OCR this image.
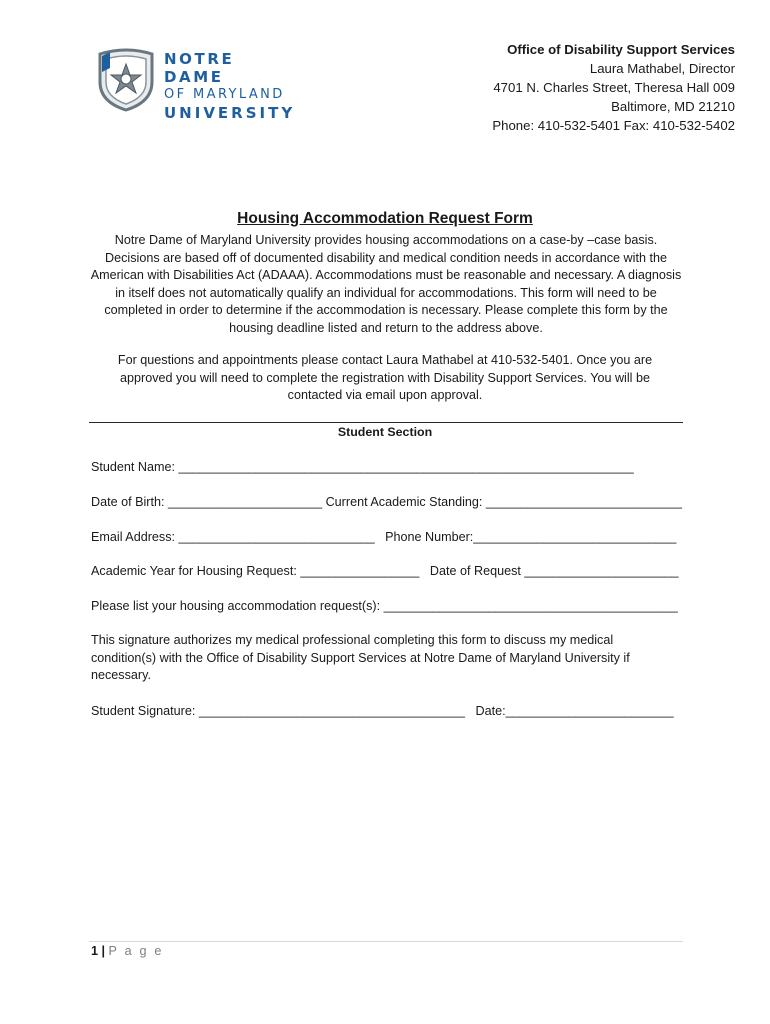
NOTRE DAME
OF MARYLAND
UNIVERSITY
Office of Disability Support Services
Laura Mathabel, Director
4701 N. Charles Street, Theresa Hall 009
Baltimore, MD 21210
Phone: 410-532-5401 Fax: 410-532-5402
Housing Accommodation Request Form
Notre Dame of Maryland University provides housing accommodations on a case-by –case basis. Decisions are based off of documented disability and medical condition needs in accordance with the American with Disabilities Act (ADAAA). Accommodations must be reasonable and necessary. A diagnosis in itself does not automatically qualify an individual for accommodations. This form will need to be completed in order to determine if the accommodation is necessary. Please complete this form by the housing deadline listed and return to the address above.
For questions and appointments please contact Laura Mathabel at 410-532-5401. Once you are approved you will need to complete the registration with Disability Support Services. You will be contacted via email upon approval.
Student Section
Student Name: _________________________________________________________________
Date of Birth: ______________________ Current Academic Standing: ____________________________
Email Address: ____________________________   Phone Number:_____________________________
Academic Year for Housing Request: _________________   Date of Request ______________________
Please list your housing accommodation request(s): __________________________________________
This signature authorizes my medical professional completing this form to discuss my medical condition(s) with the Office of Disability Support Services at Notre Dame of Maryland University if necessary.
Student Signature: ______________________________________   Date:________________________
1 | P a g e
